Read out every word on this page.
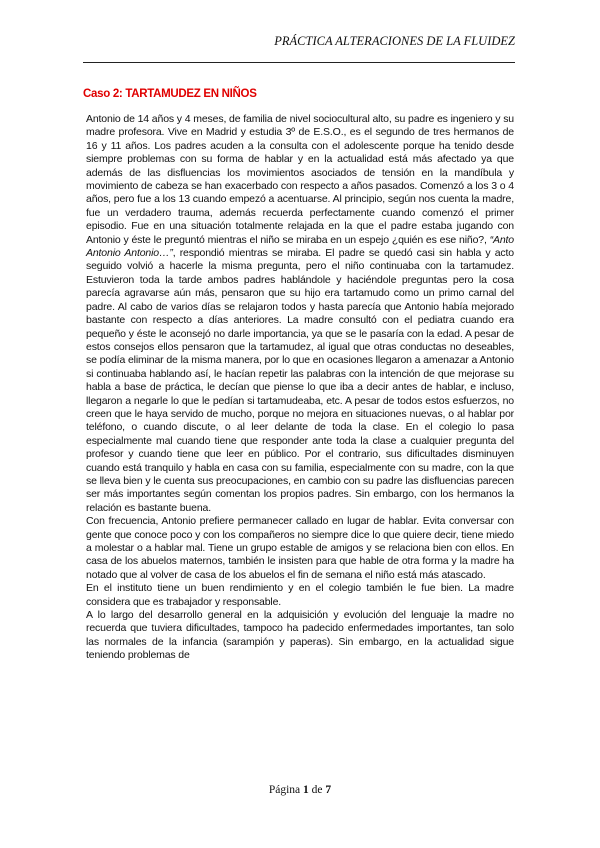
PRÁCTICA ALTERACIONES DE LA FLUIDEZ
Caso 2: TARTAMUDEZ EN NIÑOS

Antonio de 14 años y 4 meses, de familia de nivel sociocultural alto, su padre es ingeniero y su madre profesora. Vive en Madrid y estudia 3º de E.S.O., es el segundo de tres hermanos de 16 y 11 años. Los padres acuden a la consulta con el adolescente porque ha tenido desde siempre problemas con su forma de hablar y en la actualidad está más afectado ya que además de las disfluencias los movimientos asociados de tensión en la mandíbula y movimiento de cabeza se han exacerbado con respecto a años pasados. Comenzó a los 3 o 4 años, pero fue a los 13 cuando empezó a acentuarse. Al principio, según nos cuenta la madre, fue un verdadero trauma, además recuerda perfectamente cuando comenzó el primer episodio. Fue en una situación totalmente relajada en la que el padre estaba jugando con Antonio y éste le preguntó mientras el niño se miraba en un espejo ¿quién es ese niño?, “Anto Antonio Antonio…”, respondió mientras se miraba. El padre se quedó casi sin habla y acto seguido volvió a hacerle la misma pregunta, pero el niño continuaba con la tartamudez. Estuvieron toda la tarde ambos padres hablándole y haciéndole preguntas pero la cosa parecía agravarse aún más, pensaron que su hijo era tartamudo como un primo carnal del padre. Al cabo de varios días se relajaron todos y hasta parecía que Antonio había mejorado bastante con respecto a días anteriores. La madre consultó con el pediatra cuando era pequeño y éste le aconsejó no darle importancia, ya que se le pasaría con la edad. A pesar de estos consejos ellos pensaron que la tartamudez, al igual que otras conductas no deseables, se podía eliminar de la misma manera, por lo que en ocasiones llegaron a amenazar a Antonio si continuaba hablando así, le hacían repetir las palabras con la intención de que mejorase su habla a base de práctica, le decían que piense lo que iba a decir antes de hablar, e incluso, llegaron a negarle lo que le pedían si tartamudeaba, etc. A pesar de todos estos esfuerzos, no creen que le haya servido de mucho, porque no mejora en situaciones nuevas, o al hablar por teléfono, o cuando discute, o al leer delante de toda la clase. En el colegio lo pasa especialmente mal cuando tiene que responder ante toda la clase a cualquier pregunta del profesor y cuando tiene que leer en público. Por el contrario, sus dificultades disminuyen cuando está tranquilo y habla en casa con su familia, especialmente con su madre, con la que se lleva bien y le cuenta sus preocupaciones, en cambio con su padre las disfluencias parecen ser más importantes según comentan los propios padres. Sin embargo, con los hermanos la relación es bastante buena.

Con frecuencia, Antonio prefiere permanecer callado en lugar de hablar. Evita conversar con gente que conoce poco y con los compañeros no siempre dice lo que quiere decir, tiene miedo a molestar o a hablar mal. Tiene un grupo estable de amigos y se relaciona bien con ellos. En casa de los abuelos maternos, también le insisten para que hable de otra forma y la madre ha notado que al volver de casa de los abuelos el fin de semana el niño está más atascado.

En el instituto tiene un buen rendimiento y en el colegio también le fue bien. La madre considera que es trabajador y responsable.

A lo largo del desarrollo general en la adquisición y evolución del lenguaje la madre no recuerda que tuviera dificultades, tampoco ha padecido enfermedades importantes, tan solo las normales de la infancia (sarampión y paperas). Sin embargo, en la actualidad sigue teniendo problemas de

Página 1 de 7
